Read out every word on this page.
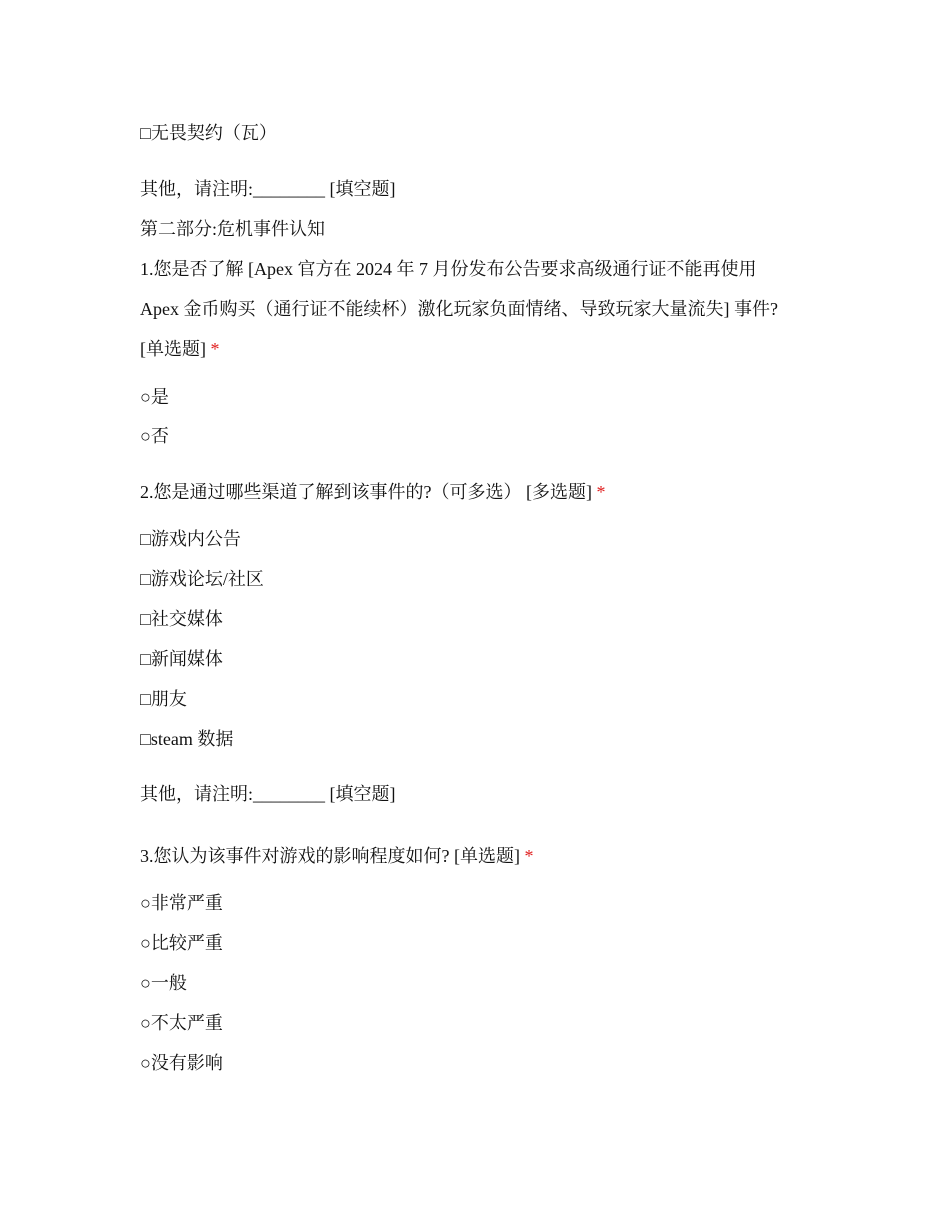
□无畏契约（瓦）
其他，请注明:________ [填空题]
第二部分:危机事件认知
1.您是否了解 [Apex 官方在 2024 年 7 月份发布公告要求高级通行证不能再使用
Apex 金币购买（通行证不能续杯）激化玩家负面情绪、导致玩家大量流失] 事件?
[单选题] *
○是
○否
2.您是通过哪些渠道了解到该事件的?（可多选） [多选题] *
□游戏内公告
□游戏论坛/社区
□社交媒体
□新闻媒体
□朋友
□steam 数据
其他，请注明:________ [填空题]
3.您认为该事件对游戏的影响程度如何? [单选题] *
○非常严重
○比较严重
○一般
○不太严重
○没有影响
